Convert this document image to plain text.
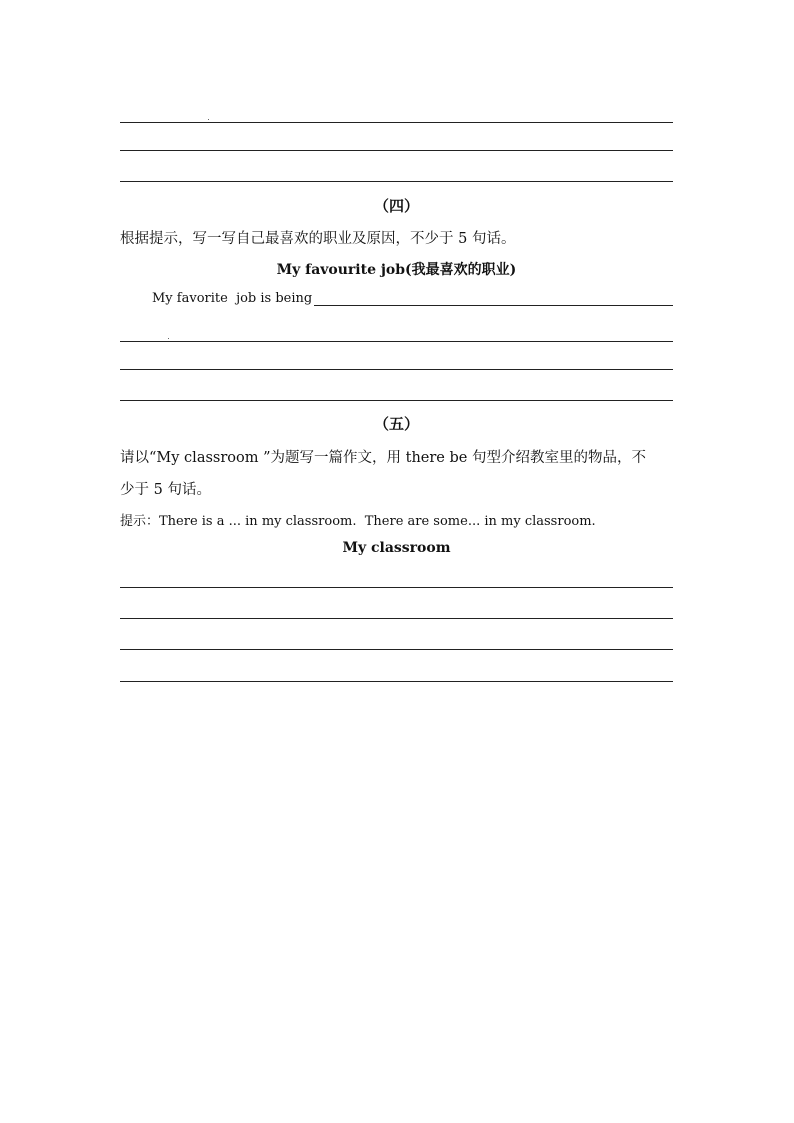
（四）
根据提示，写一写自己最喜欢的职业及原因，不少于 5 句话。
My favourite job(我最喜欢的职业)
My favorite  job is being
（五）
请以“My classroom ”为题写一篇作文，用 there be 句型介绍教室里的物品，不
少于 5 句话。
提示：There is a ... in my classroom.  There are some... in my classroom.
My classroom
